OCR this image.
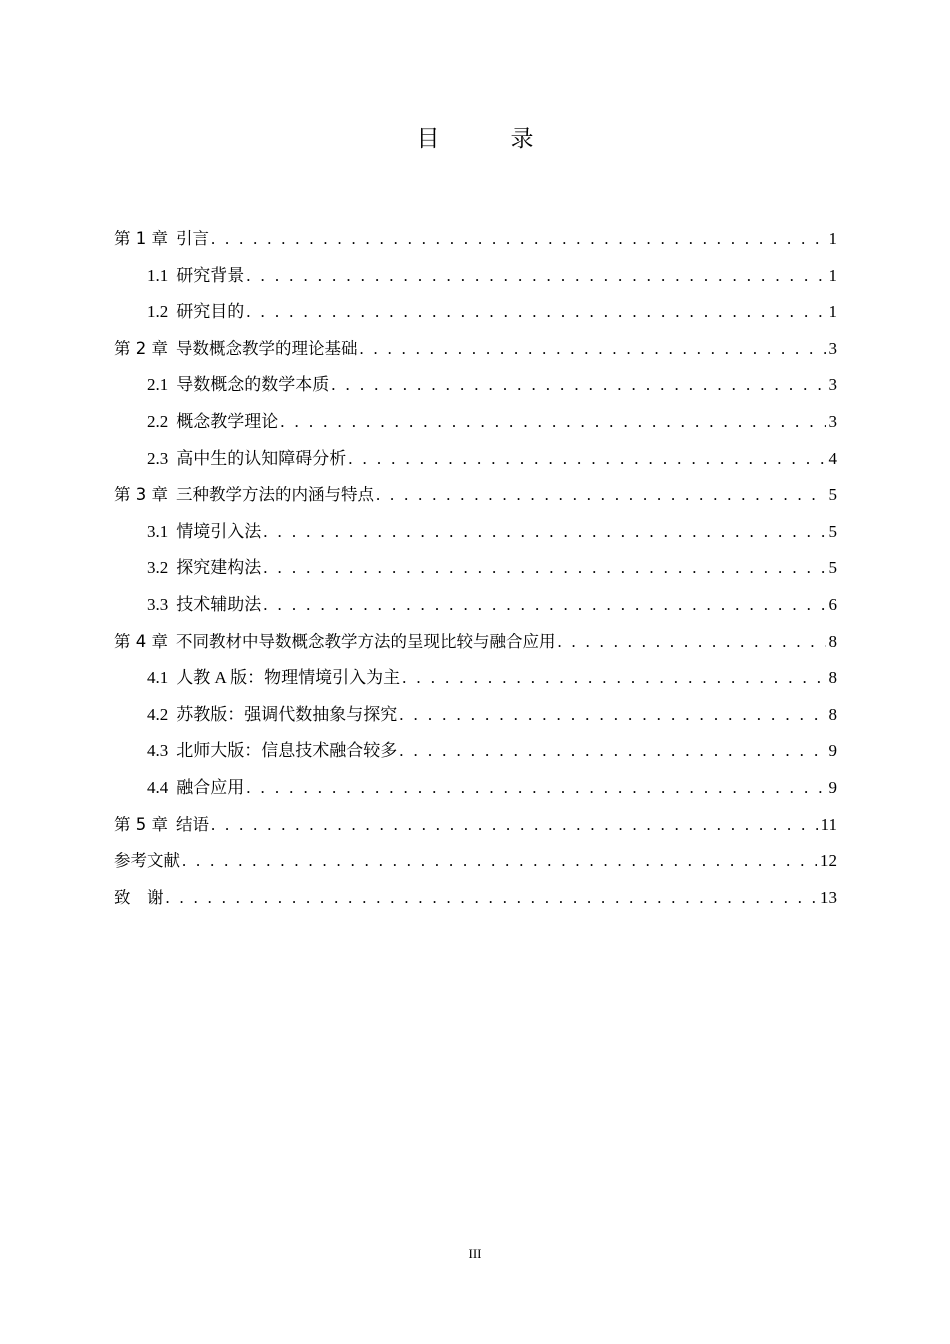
目　录
第 1 章 引言 . . .	1
1.1 研究背景 . . .	1
1.2 研究目的 . . .	1
第 2 章 导数概念教学的理论基础 . . .	3
2.1 导数概念的数学本质 . . .	3
2.2 概念教学理论 . . .	3
2.3 高中生的认知障碍分析 . . .	4
第 3 章 三种教学方法的内涵与特点 . . .	5
3.1 情境引入法 . . .	5
3.2 探究建构法 . . .	5
3.3 技术辅助法 . . .	6
第 4 章 不同教材中导数概念教学方法的呈现比较与融合应用 . . .	8
4.1 人教 A 版：物理情境引入为主 . . .	8
4.2 苏教版：强调代数抽象与探究 . . .	8
4.3 北师大版：信息技术融合较多 . . .	9
4.4 融合应用 . . .	9
第 5 章 结语 . . .	11
参考文献 . . .	12
致　谢 . . .	13
III
